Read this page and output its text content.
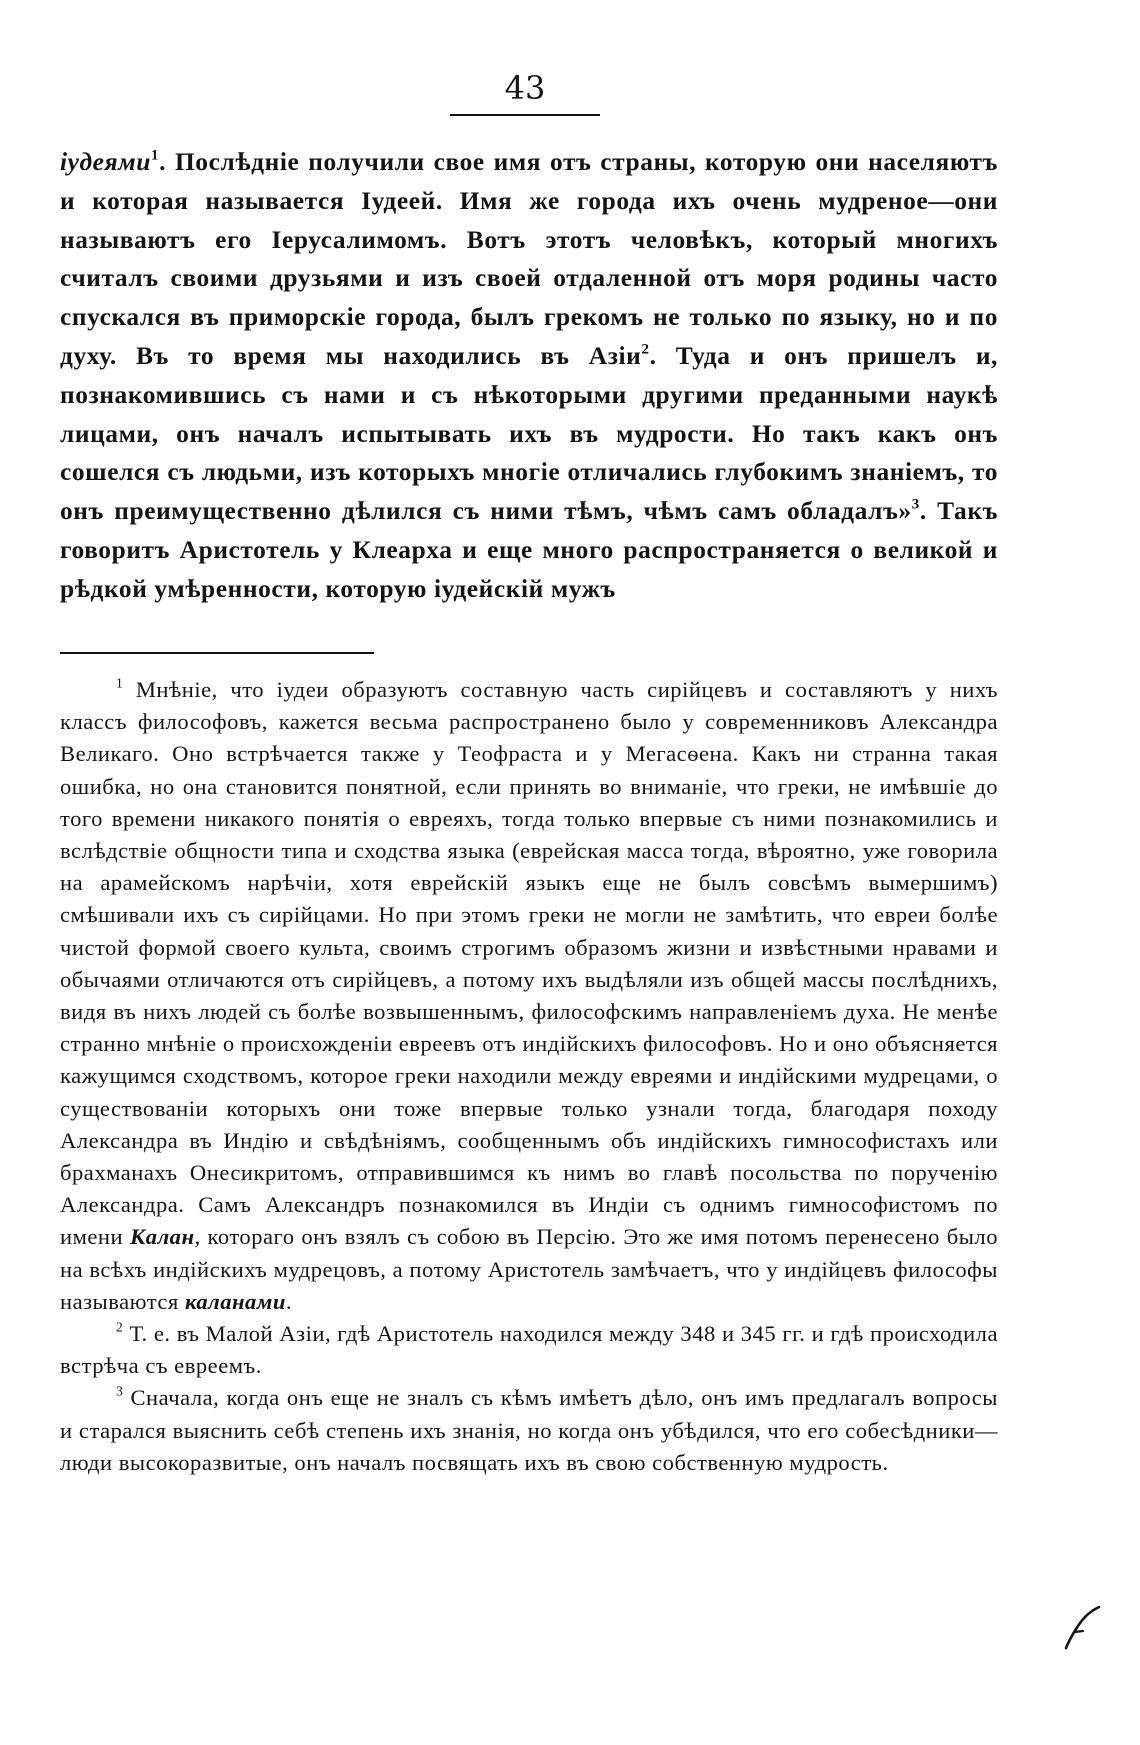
43

іудеями$^1$. Послѣдніе получили свое имя отъ страны, которую они населяютъ и которая называется Іудеей. Имя же города ихъ очень мудреное—они называютъ его Іерусалимомъ. Вотъ этотъ человѣкъ, который многихъ считалъ своими друзьями и изъ своей отдаленной отъ моря родины часто спускался въ приморскіе города, былъ грекомъ не только по языку, но и по духу. Въ то время мы находились въ Азіи$^2$. Туда и онъ пришелъ и, познакомившись съ нами и съ нѣкоторыми другими преданными наукѣ лицами, онъ началъ испытывать ихъ въ мудрости. Но такъ какъ онъ сошелся съ людьми, изъ которыхъ многіе отличались глубокимъ знаніемъ, то онъ преимущественно дѣлился съ ними тѣмъ, чѣмъ самъ обладалъ»$^3$. Такъ говоритъ Аристотель у Клеарха и еще много распространяется о великой и рѣдкой умѣренности, которую іудейскій мужъ

$^1$ Мнѣніе, что іудеи образуютъ составную часть сирійцевъ и составляютъ у нихъ классъ философовъ, кажется весьма распространено было у современниковъ Александра Великаго. Оно встрѣчается также у Теофраста и у Мегасѳена. Какъ ни странна такая ошибка, но она становится понятной, если принять во вниманіе, что греки, не имѣвшіе до того времени никакого понятія о евреяхъ, тогда только впервые съ ними познакомились и вслѣдствіе общности типа и сходства языка (еврейская масса тогда, вѣроятно, уже говорила на арамейскомъ нарѣчіи, хотя еврейскій языкъ еще не былъ совсѣмъ вымершимъ) смѣшивали ихъ съ сирійцами. Но при этомъ греки не могли не замѣтить, что евреи болѣе чистой формой своего культа, своимъ строгимъ образомъ жизни и извѣстными нравами и обычаями отличаются отъ сирійцевъ, а потому ихъ выдѣляли изъ общей массы послѣднихъ, видя въ нихъ людей съ болѣе возвышеннымъ, философскимъ направленіемъ духа. Не менѣе странно мнѣніе о происхожденіи евреевъ отъ индійскихъ философовъ. Но и оно объясняется кажущимся сходствомъ, которое греки находили между евреями и индійскими мудрецами, о существованіи которыхъ они тоже впервые только узнали тогда, благодаря походу Александра въ Индію и свѣдѣніямъ, сообщеннымъ объ индійскихъ гимнософистахъ или брахманахъ Онесикритомъ, отправившимся къ нимъ во главѣ посольства по порученію Александра. Самъ Александръ познакомился въ Индіи съ однимъ гимнософистомъ по имени Калан, котораго онъ взялъ съ собою въ Персію. Это же имя потомъ перенесено было на всѣхъ индійскихъ мудрецовъ, а потому Аристотель замѣчаетъ, что у индійцевъ философы называются каланами.

$^2$ Т. е. въ Малой Азіи, гдѣ Аристотель находился между 348 и 345 гг. и гдѣ происходила встрѣча съ евреемъ.

$^3$ Сначала, когда онъ еще не зналъ съ кѣмъ имѣетъ дѣло, онъ имъ предлагалъ вопросы и старался выяснить себѣ степень ихъ знанія, но когда онъ убѣдился, что его собесѣдники—люди высокоразвитые, онъ началъ посвящать ихъ въ свою собственную мудрость.
